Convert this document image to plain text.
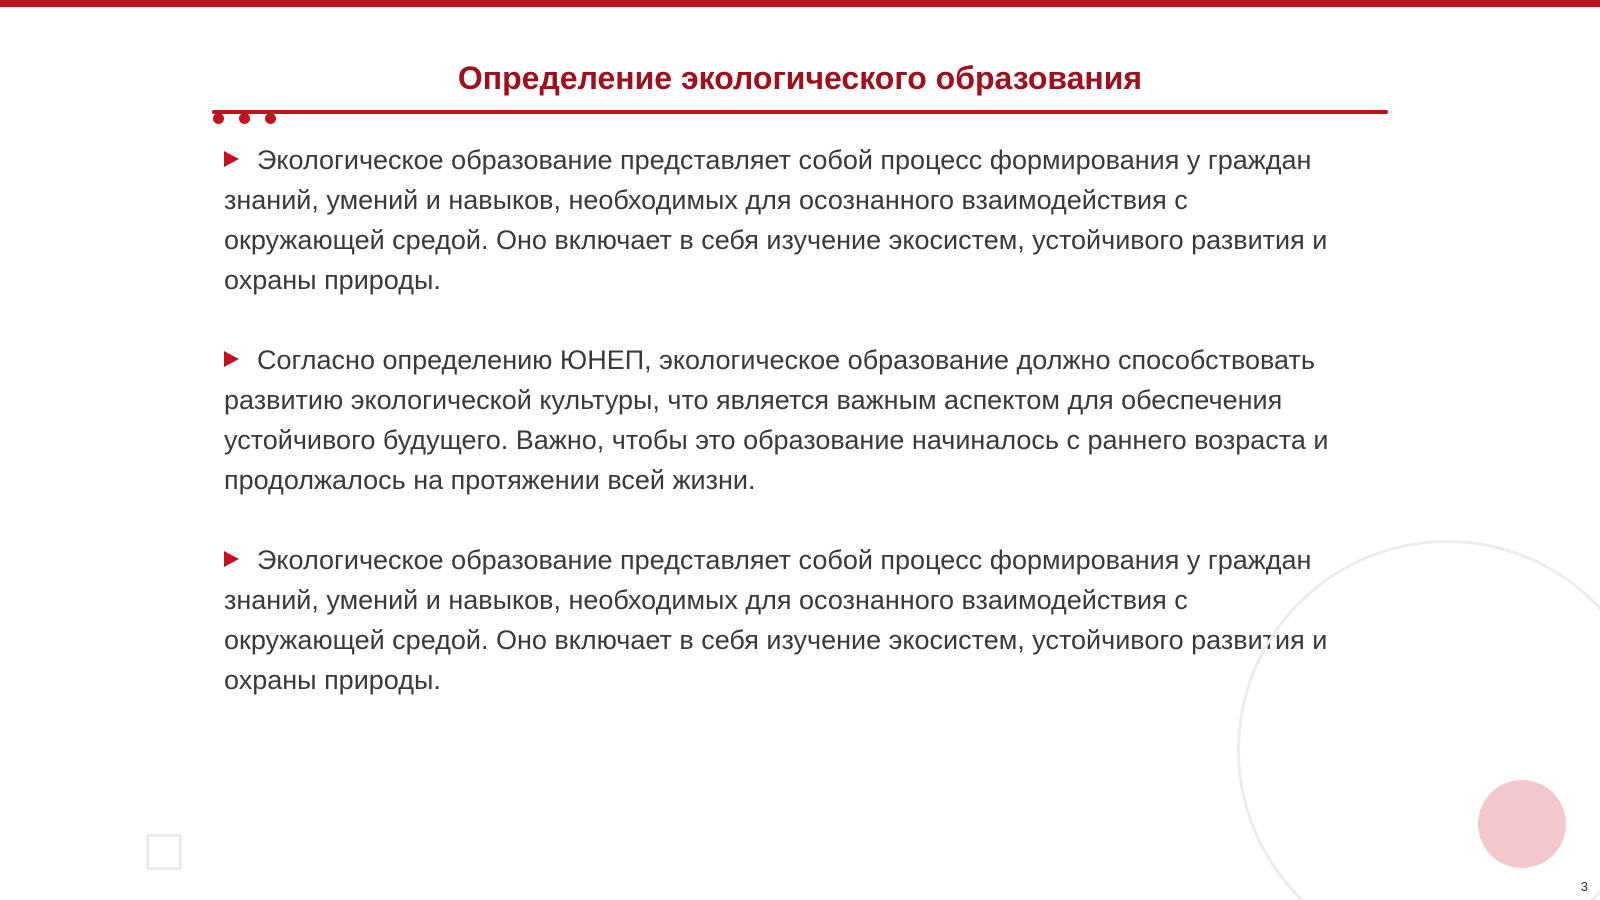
Определение экологического образования

Экологическое образование представляет собой процесс формирования у граждан знаний, умений и навыков, необходимых для осознанного взаимодействия с окружающей средой. Оно включает в себя изучение экосистем, устойчивого развития и охраны природы.

Согласно определению ЮНЕП, экологическое образование должно способствовать развитию экологической культуры, что является важным аспектом для обеспечения устойчивого будущего. Важно, чтобы это образование начиналось с раннего возраста и продолжалось на протяжении всей жизни.

Экологическое образование представляет собой процесс формирования у граждан знаний, умений и навыков, необходимых для осознанного взаимодействия с окружающей средой. Оно включает в себя изучение экосистем, устойчивого развития и охраны природы.

3
